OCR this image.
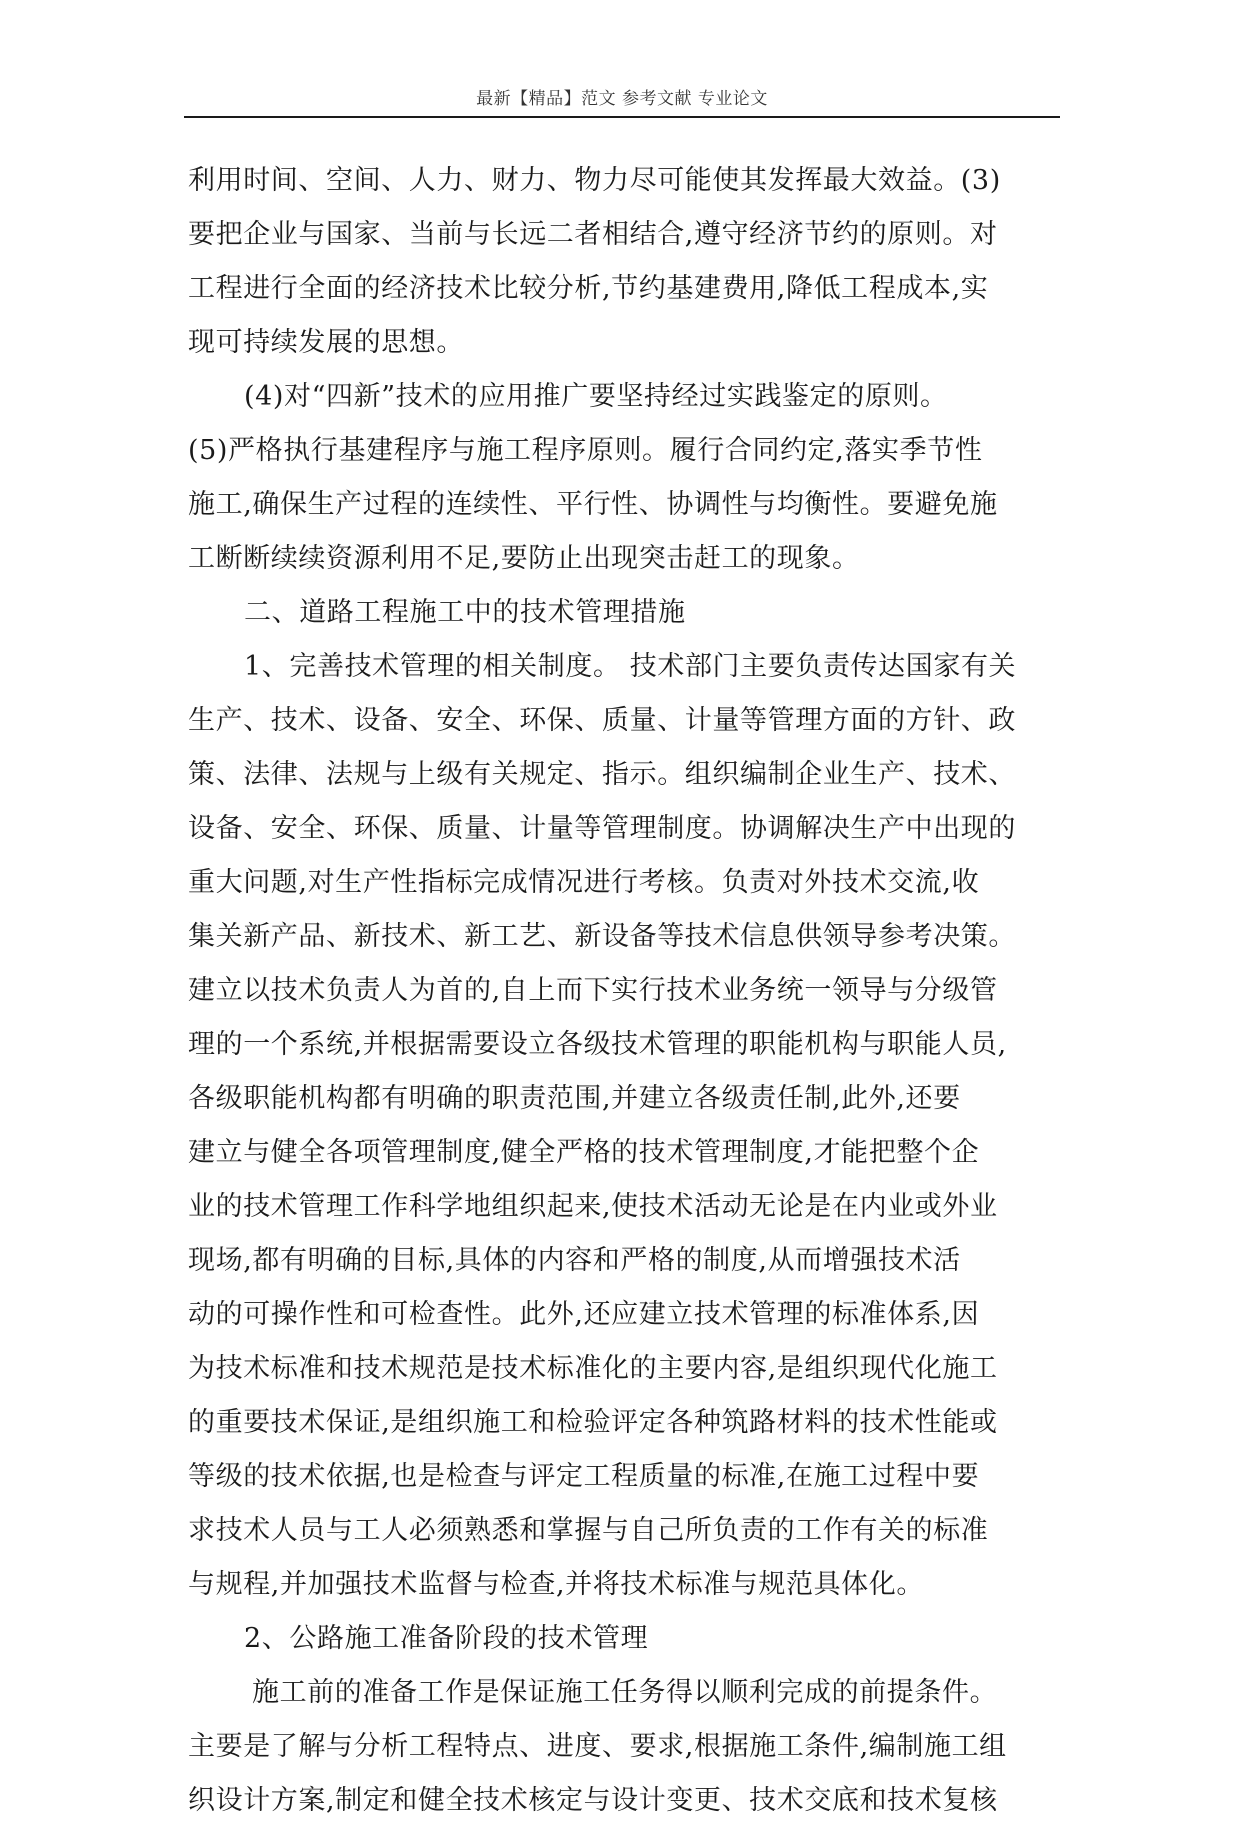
最新【精品】范文 参考文献 专业论文
利用时间、空间、人力、财力、物力尽可能使其发挥最大效益。(3)
要把企业与国家、当前与长远二者相结合,遵守经济节约的原则。对
工程进行全面的经济技术比较分析,节约基建费用,降低工程成本,实
现可持续发展的思想。
(4)对“四新”技术的应用推广要坚持经过实践鉴定的原则。
(5)严格执行基建程序与施工程序原则。履行合同约定,落实季节性
施工,确保生产过程的连续性、平行性、协调性与均衡性。要避免施
工断断续续资源利用不足,要防止出现突击赶工的现象。
二、道路工程施工中的技术管理措施
1、完善技术管理的相关制度。 技术部门主要负责传达国家有关
生产、技术、设备、安全、环保、质量、计量等管理方面的方针、政
策、法律、法规与上级有关规定、指示。组织编制企业生产、技术、
设备、安全、环保、质量、计量等管理制度。协调解决生产中出现的
重大问题,对生产性指标完成情况进行考核。负责对外技术交流,收
集关新产品、新技术、新工艺、新设备等技术信息供领导参考决策。
建立以技术负责人为首的,自上而下实行技术业务统一领导与分级管
理的一个系统,并根据需要设立各级技术管理的职能机构与职能人员,
各级职能机构都有明确的职责范围,并建立各级责任制,此外,还要
建立与健全各项管理制度,健全严格的技术管理制度,才能把整个企
业的技术管理工作科学地组织起来,使技术活动无论是在内业或外业
现场,都有明确的目标,具体的内容和严格的制度,从而增强技术活
动的可操作性和可检查性。此外,还应建立技术管理的标准体系,因
为技术标准和技术规范是技术标准化的主要内容,是组织现代化施工
的重要技术保证,是组织施工和检验评定各种筑路材料的技术性能或
等级的技术依据,也是检查与评定工程质量的标准,在施工过程中要
求技术人员与工人必须熟悉和掌握与自己所负责的工作有关的标准
与规程,并加强技术监督与检查,并将技术标准与规范具体化。
2、公路施工准备阶段的技术管理
施工前的准备工作是保证施工任务得以顺利完成的前提条件。
主要是了解与分析工程特点、进度、要求,根据施工条件,编制施工组
织设计方案,制定和健全技术核定与设计变更、技术交底和技术复核
